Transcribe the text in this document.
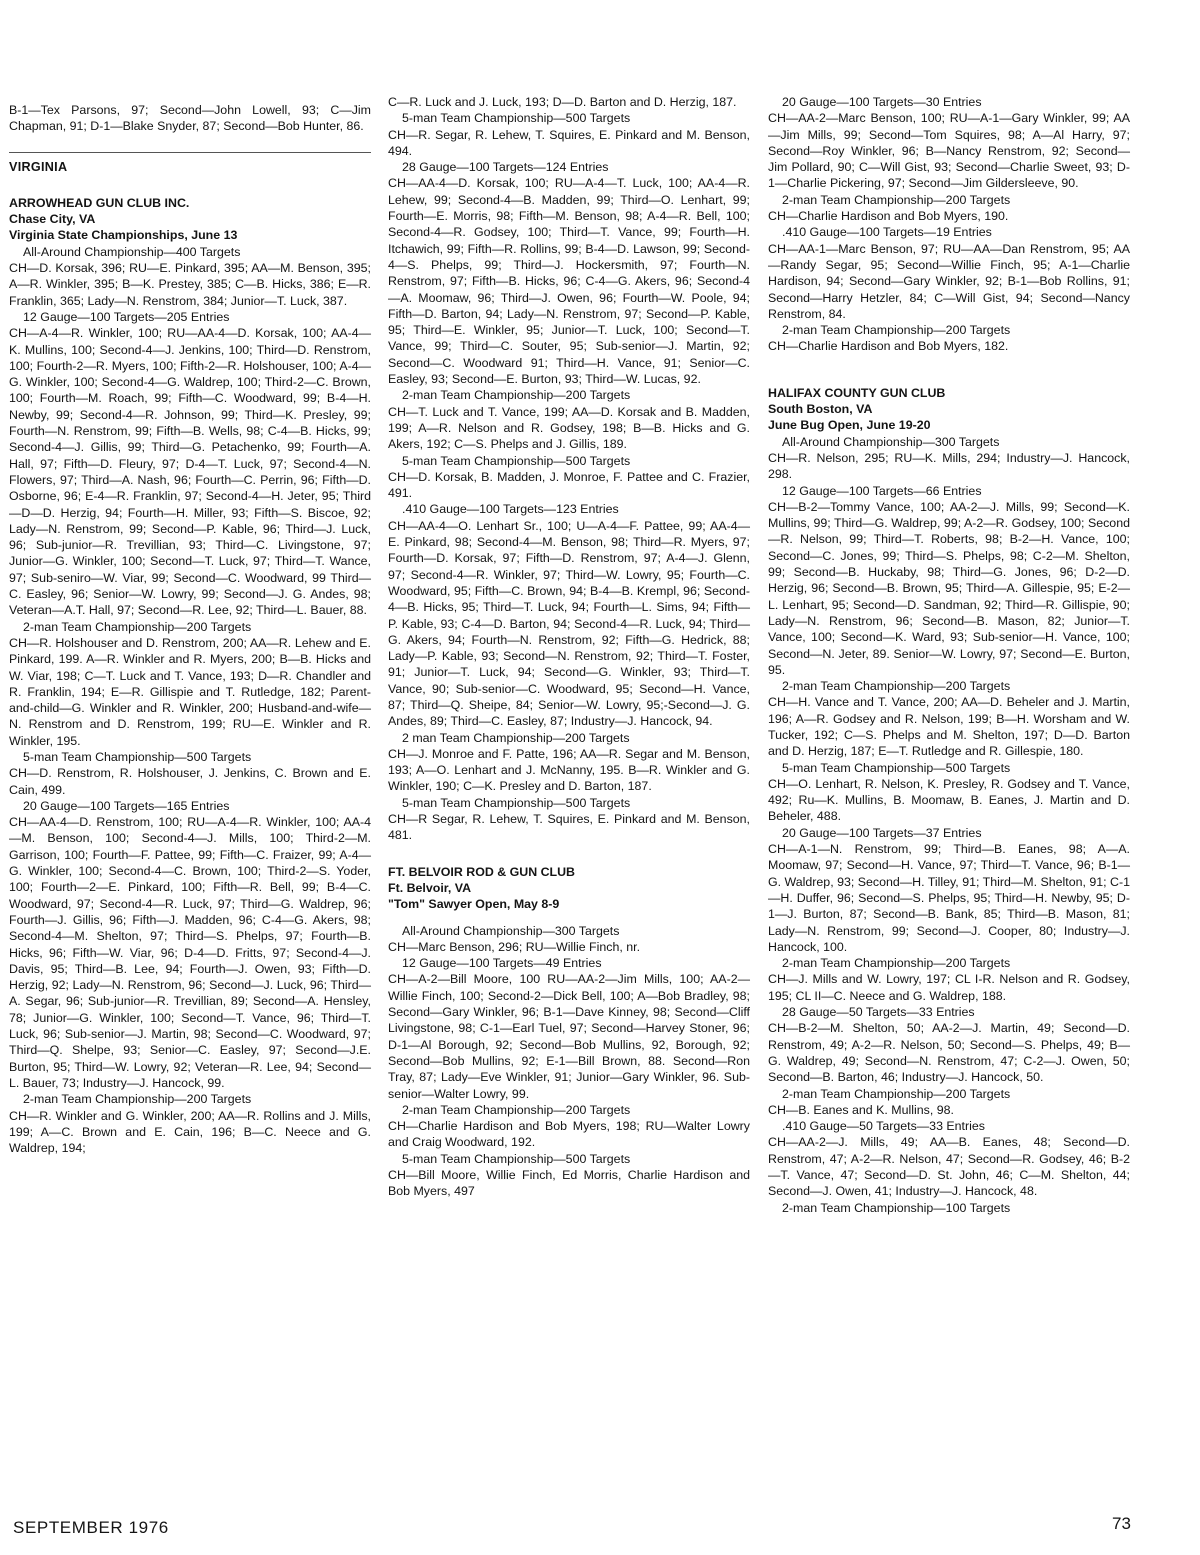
B-1—Tex Parsons, 97; Second—John Lowell, 93; C—Jim Chapman, 91; D-1—Blake Snyder, 87; Second—Bob Hunter, 86.

VIRGINIA

ARROWHEAD GUN CLUB INC.

Chase City, VA

Virginia State Championships, June 13

All-Around Championship—400 Targets

CH—D. Korsak, 396; RU—E. Pinkard, 395; AA—M. Benson, 395; A—R. Winkler, 395; B—K. Prestey, 385; C—B. Hicks, 386; E—R. Franklin, 365; Lady—N. Renstrom, 384; Junior—T. Luck, 387.

12 Gauge—100 Targets—205 Entries

CH—A-4—R. Winkler, 100; RU—AA-4—D. Korsak, 100; AA-4—K. Mullins, 100; Second-4—J. Jenkins, 100; Third—D. Renstrom, 100; Fourth-2—R. Myers, 100; Fifth-2—R. Holshouser, 100; A-4—G. Winkler, 100; Second-4—G. Waldrep, 100; Third-2—C. Brown, 100; Fourth—M. Roach, 99; Fifth—C. Woodward, 99; B-4—H. Newby, 99; Second-4—R. Johnson, 99; Third—K. Presley, 99; Fourth—N. Renstrom, 99; Fifth—B. Wells, 98; C-4—B. Hicks, 99; Second-4—J. Gillis, 99; Third—G. Petachenko, 99; Fourth—A. Hall, 97; Fifth—D. Fleury, 97; D-4—T. Luck, 97; Second-4—N. Flowers, 97; Third—A. Nash, 96; Fourth—C. Perrin, 96; Fifth—D. Osborne, 96; E-4—R. Franklin, 97; Second-4—H. Jeter, 95; Third—D—D. Herzig, 94; Fourth—H. Miller, 93; Fifth—S. Biscoe, 92; Lady—N. Renstrom, 99; Second—P. Kable, 96; Third—J. Luck, 96; Sub-junior—R. Trevillian, 93; Third—C. Livingstone, 97; Junior—G. Winkler, 100; Second—T. Luck, 97; Third—T. Wance, 97; Sub-seniro—W. Viar, 99; Second—C. Woodward, 99 Third—C. Easley, 96; Senior—W. Lowry, 99; Second—J. G. Andes, 98; Veteran—A.T. Hall, 97; Second—R. Lee, 92; Third—L. Bauer, 88.

2-man Team Championship—200 Targets

CH—R. Holshouser and D. Renstrom, 200; AA—R. Lehew and E. Pinkard, 199. A—R. Winkler and R. Myers, 200; B—B. Hicks and W. Viar, 198; C—T. Luck and T. Vance, 193; D—R. Chandler and R. Franklin, 194; E—R. Gillispie and T. Rutledge, 182; Parent-and-child—G. Winkler and R. Winkler, 200; Husband-and-wife—N. Renstrom and D. Renstrom, 199; RU—E. Winkler and R. Winkler, 195.

5-man Team Championship—500 Targets

CH—D. Renstrom, R. Holshouser, J. Jenkins, C. Brown and E. Cain, 499.

20 Gauge—100 Targets—165 Entries

CH—AA-4—D. Renstrom, 100; RU—A-4—R. Winkler, 100; AA-4—M. Benson, 100; Second-4—J. Mills, 100; Third-2—M. Garrison, 100; Fourth—F. Pattee, 99; Fifth—C. Fraizer, 99; A-4—G. Winkler, 100; Second-4—C. Brown, 100; Third-2—S. Yoder, 100; Fourth—2—E. Pinkard, 100; Fifth—R. Bell, 99; B-4—C. Woodward, 97; Second-4—R. Luck, 97; Third—G. Waldrep, 96; Fourth—J. Gillis, 96; Fifth—J. Madden, 96; C-4—G. Akers, 98; Second-4—M. Shelton, 97; Third—S. Phelps, 97; Fourth—B. Hicks, 96; Fifth—W. Viar, 96; D-4—D. Fritts, 97; Second-4—J. Davis, 95; Third—B. Lee, 94; Fourth—J. Owen, 93; Fifth—D. Herzig, 92; Lady—N. Renstrom, 96; Second—J. Luck, 96; Third—A. Segar, 96; Sub-junior—R. Trevillian, 89; Second—A. Hensley, 78; Junior—G. Winkler, 100; Second—T. Vance, 96; Third—T. Luck, 96; Sub-senior—J. Martin, 98; Second—C. Woodward, 97; Third—Q. Shelpe, 93; Senior—C. Easley, 97; Second—J.E. Burton, 95; Third—W. Lowry, 92; Veteran—R. Lee, 94; Second—L. Bauer, 73; Industry—J. Hancock, 99.

2-man Team Championship—200 Targets

CH—R. Winkler and G. Winkler, 200; AA—R. Rollins and J. Mills, 199; A—C. Brown and E. Cain, 196; B—C. Neece and G. Waldrep, 194;

C—R. Luck and J. Luck, 193; D—D. Barton and D. Herzig, 187.

5-man Team Championship—500 Targets

CH—R. Segar, R. Lehew, T. Squires, E. Pinkard and M. Benson, 494.

28 Gauge—100 Targets—124 Entries

CH—AA-4—D. Korsak, 100; RU—A-4—T. Luck, 100; AA-4—R. Lehew, 99; Second-4—B. Madden, 99; Third—O. Lenhart, 99; Fourth—E. Morris, 98; Fifth—M. Benson, 98; A-4—R. Bell, 100; Second-4—R. Godsey, 100; Third—T. Vance, 99; Fourth—H. Itchawich, 99; Fifth—R. Rollins, 99; B-4—D. Lawson, 99; Second-4—S. Phelps, 99; Third—J. Hockersmith, 97; Fourth—N. Renstrom, 97; Fifth—B. Hicks, 96; C-4—G. Akers, 96; Second-4—A. Moomaw, 96; Third—J. Owen, 96; Fourth—W. Poole, 94; Fifth—D. Barton, 94; Lady—N. Renstrom, 97; Second—P. Kable, 95; Third—E. Winkler, 95; Junior—T. Luck, 100; Second—T. Vance, 99; Third—C. Souter, 95; Sub-senior—J. Martin, 92; Second—C. Woodward 91; Third—H. Vance, 91; Senior—C. Easley, 93; Second—E. Burton, 93; Third—W. Lucas, 92.

2-man Team Championship—200 Targets

CH—T. Luck and T. Vance, 199; AA—D. Korsak and B. Madden, 199; A—R. Nelson and R. Godsey, 198; B—B. Hicks and G. Akers, 192; C—S. Phelps and J. Gillis, 189.

5-man Team Championship—500 Targets

CH—D. Korsak, B. Madden, J. Monroe, F. Pattee and C. Frazier, 491.

.410 Gauge—100 Targets—123 Entries

CH—AA-4—O. Lenhart Sr., 100; U—A-4—F. Pattee, 99; AA-4—E. Pinkard, 98; Second-4—M. Benson, 98; Third—R. Myers, 97; Fourth—D. Korsak, 97; Fifth—D. Renstrom, 97; A-4—J. Glenn, 97; Second-4—R. Winkler, 97; Third—W. Lowry, 95; Fourth—C. Woodward, 95; Fifth—C. Brown, 94; B-4—B. Krempl, 96; Second-4—B. Hicks, 95; Third—T. Luck, 94; Fourth—L. Sims, 94; Fifth—P. Kable, 93; C-4—D. Barton, 94; Second-4—R. Luck, 94; Third—G. Akers, 94; Fourth—N. Renstrom, 92; Fifth—G. Hedrick, 88; Lady—P. Kable, 93; Second—N. Renstrom, 92; Third—T. Foster, 91; Junior—T. Luck, 94; Second—G. Winkler, 93; Third—T. Vance, 90; Sub-senior—C. Woodward, 95; Second—H. Vance, 87; Third—Q. Sheipe, 84; Senior—W. Lowry, 95;-Second—J. G. Andes, 89; Third—C. Easley, 87; Industry—J. Hancock, 94.

2 man Team Championship—200 Targets

CH—J. Monroe and F. Patte, 196; AA—R. Segar and M. Benson, 193; A—O. Lenhart and J. McNanny, 195. B—R. Winkler and G. Winkler, 190; C—K. Presley and D. Barton, 187.

5-man Team Championship—500 Targets

CH—R Segar, R. Lehew, T. Squires, E. Pinkard and M. Benson, 481.

FT. BELVOIR ROD & GUN CLUB

Ft. Belvoir, VA

"Tom" Sawyer Open, May 8-9

All-Around Championship—300 Targets

CH—Marc Benson, 296; RU—Willie Finch, nr.

12 Gauge—100 Targets—49 Entries

CH—A-2—Bill Moore, 100 RU—AA-2—Jim Mills, 100; AA-2—Willie Finch, 100; Second-2—Dick Bell, 100; A—Bob Bradley, 98; Second—Gary Winkler, 96; B-1—Dave Kinney, 98; Second—Cliff Livingstone, 98; C-1—Earl Tuel, 97; Second—Harvey Stoner, 96; D-1—Al Borough, 92; Second—Bob Mullins, 92, Borough, 92; Second—Bob Mullins, 92; E-1—Bill Brown, 88. Second—Ron Tray, 87; Lady—Eve Winkler, 91; Junior—Gary Winkler, 96. Sub-senior—Walter Lowry, 99.

2-man Team Championship—200 Targets

CH—Charlie Hardison and Bob Myers, 198; RU—Walter Lowry and Craig Woodward, 192.

5-man Team Championship—500 Targets

CH—Bill Moore, Willie Finch, Ed Morris, Charlie Hardison and Bob Myers, 497

20 Gauge—100 Targets—30 Entries

CH—AA-2—Marc Benson, 100; RU—A-1—Gary Winkler, 99; AA—Jim Mills, 99; Second—Tom Squires, 98; A—Al Harry, 97; Second—Roy Winkler, 96; B—Nancy Renstrom, 92; Second—Jim Pollard, 90; C—Will Gist, 93; Second—Charlie Sweet, 93; D-1—Charlie Pickering, 97; Second—Jim Gildersleeve, 90.

2-man Team Championship—200 Targets

CH—Charlie Hardison and Bob Myers, 190.

.410 Gauge—100 Targets—19 Entries

CH—AA-1—Marc Benson, 97; RU—AA—Dan Renstrom, 95; AA—Randy Segar, 95; Second—Willie Finch, 95; A-1—Charlie Hardison, 94; Second—Gary Winkler, 92; B-1—Bob Rollins, 91; Second—Harry Hetzler, 84; C—Will Gist, 94; Second—Nancy Renstrom, 84.

2-man Team Championship—200 Targets

CH—Charlie Hardison and Bob Myers, 182.

HALIFAX COUNTY GUN CLUB

South Boston, VA

June Bug Open, June 19-20

All-Around Championship—300 Targets

CH—R. Nelson, 295; RU—K. Mills, 294; Industry—J. Hancock, 298.

12 Gauge—100 Targets—66 Entries

CH—B-2—Tommy Vance, 100; AA-2—J. Mills, 99; Second—K. Mullins, 99; Third—G. Waldrep, 99; A-2—R. Godsey, 100; Second—R. Nelson, 99; Third—T. Roberts, 98; B-2—H. Vance, 100; Second—C. Jones, 99; Third—S. Phelps, 98; C-2—M. Shelton, 99; Second—B. Huckaby, 98; Third—G. Jones, 96; D-2—D. Herzig, 96; Second—B. Brown, 95; Third—A. Gillespie, 95; E-2—L. Lenhart, 95; Second—D. Sandman, 92; Third—R. Gillispie, 90; Lady—N. Renstrom, 96; Second—B. Mason, 82; Junior—T. Vance, 100; Second—K. Ward, 93; Sub-senior—H. Vance, 100; Second—N. Jeter, 89. Senior—W. Lowry, 97; Second—E. Burton, 95.

2-man Team Championship—200 Targets

CH—H. Vance and T. Vance, 200; AA—D. Beheler and J. Martin, 196; A—R. Godsey and R. Nelson, 199; B—H. Worsham and W. Tucker, 192; C—S. Phelps and M. Shelton, 197; D—D. Barton and D. Herzig, 187; E—T. Rutledge and R. Gillespie, 180.

5-man Team Championship—500 Targets

CH—O. Lenhart, R. Nelson, K. Presley, R. Godsey and T. Vance, 492; Ru—K. Mullins, B. Moomaw, B. Eanes, J. Martin and D. Beheler, 488.

20 Gauge—100 Targets—37 Entries

CH—A-1—N. Renstrom, 99; Third—B. Eanes, 98; A—A. Moomaw, 97; Second—H. Vance, 97; Third—T. Vance, 96; B-1—G. Waldrep, 93; Second—H. Tilley, 91; Third—M. Shelton, 91; C-1—H. Duffer, 96; Second—S. Phelps, 95; Third—H. Newby, 95; D-1—J. Burton, 87; Second—B. Bank, 85; Third—B. Mason, 81; Lady—N. Renstrom, 99; Second—J. Cooper, 80; Industry—J. Hancock, 100.

2-man Team Championship—200 Targets

CH—J. Mills and W. Lowry, 197; CL I-R. Nelson and R. Godsey, 195; CL II—C. Neece and G. Waldrep, 188.

28 Gauge—50 Targets—33 Entries

CH—B-2—M. Shelton, 50; AA-2—J. Martin, 49; Second—D. Renstrom, 49; A-2—R. Nelson, 50; Second—S. Phelps, 49; B—G. Waldrep, 49; Second—N. Renstrom, 47; C-2—J. Owen, 50; Second—B. Barton, 46; Industry—J. Hancock, 50.

2-man Team Championship—200 Targets

CH—B. Eanes and K. Mullins, 98.

.410 Gauge—50 Targets—33 Entries

CH—AA-2—J. Mills, 49; AA—B. Eanes, 48; Second—D. Renstrom, 47; A-2—R. Nelson, 47; Second—R. Godsey, 46; B-2—T. Vance, 47; Second—D. St. John, 46; C—M. Shelton, 44; Second—J. Owen, 41; Industry—J. Hancock, 48.

2-man Team Championship—100 Targets

SEPTEMBER 1976	73
